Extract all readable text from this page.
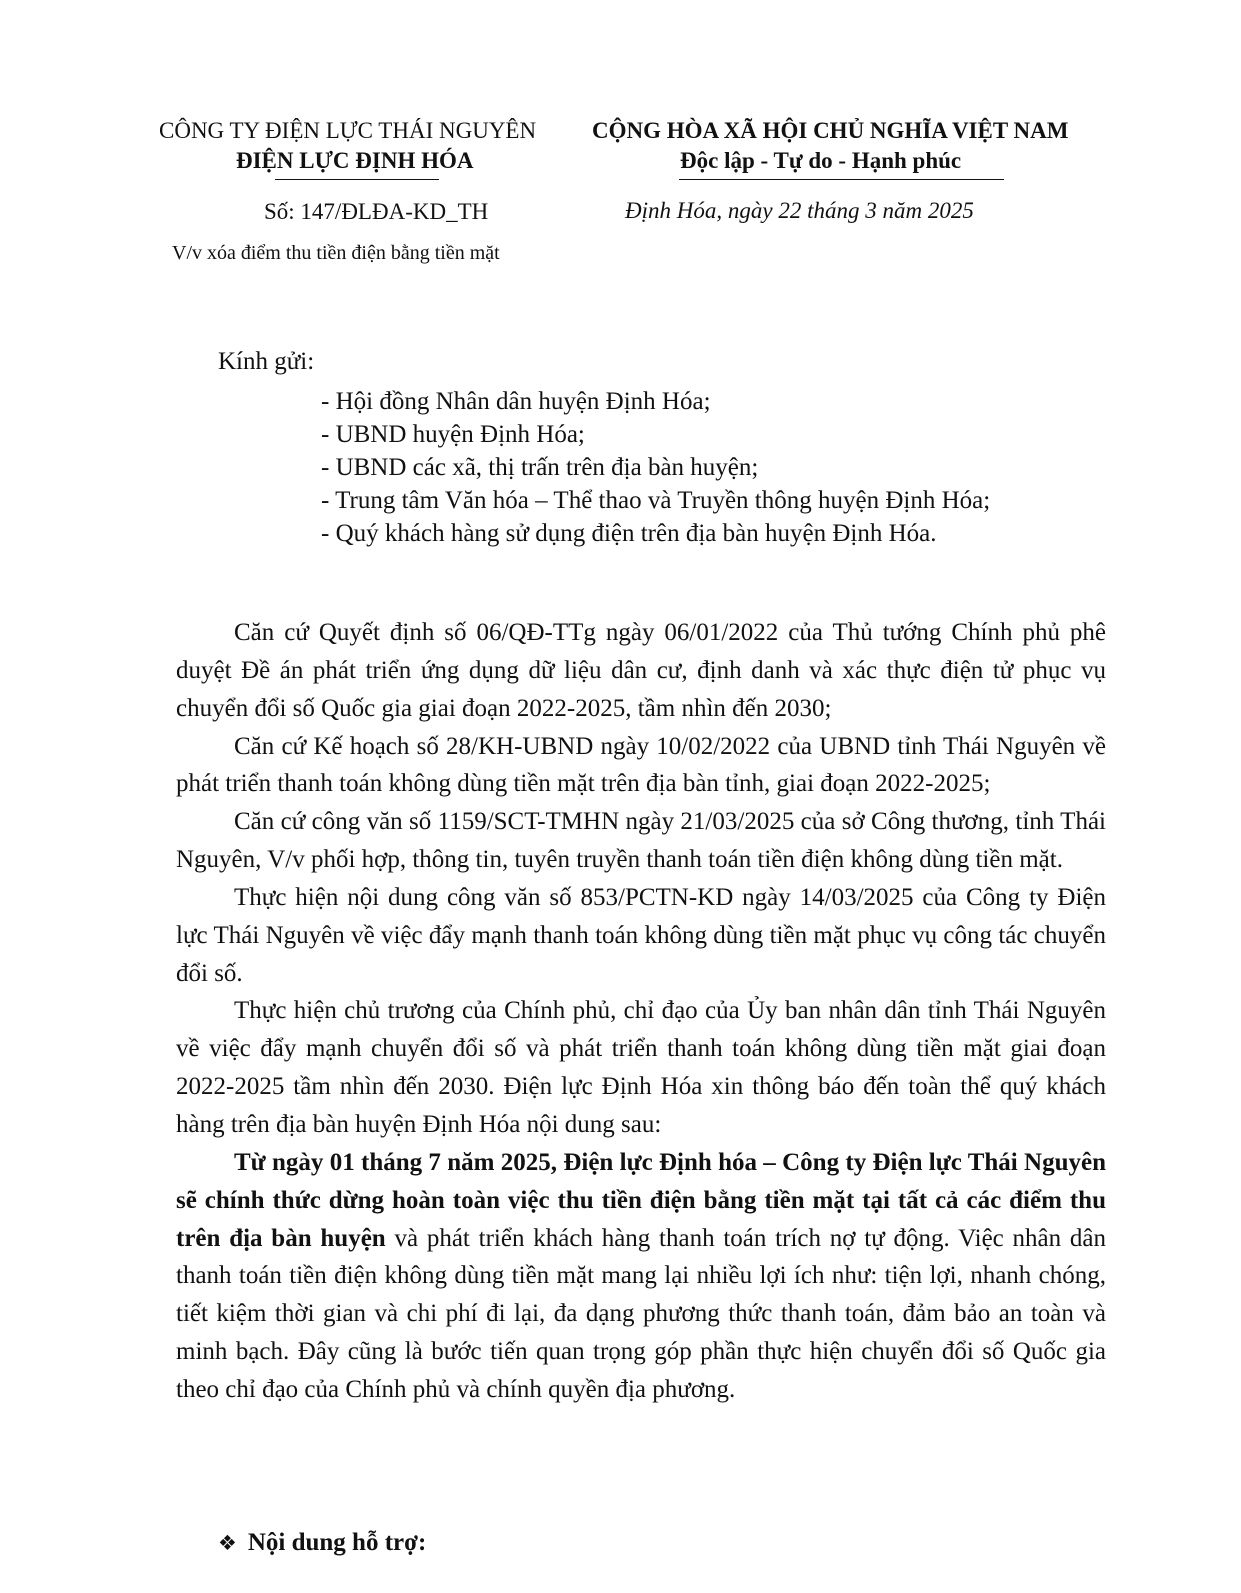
CÔNG TY ĐIỆN LỰC THÁI NGUYÊN
ĐIỆN LỰC ĐỊNH HÓA
Số: 147/ĐLĐA-KD_TH
V/v xóa điểm thu tiền điện bằng tiền mặt
CỘNG HÒA XÃ HỘI CHỦ NGHĨA VIỆT NAM
Độc lập - Tự do - Hạnh phúc
Định Hóa, ngày 22 tháng 3 năm 2025
Kính gửi:
- Hội đồng Nhân dân huyện Định Hóa;
- UBND huyện Định Hóa;
- UBND các xã, thị trấn trên địa bàn huyện;
- Trung tâm Văn hóa – Thể thao và Truyền thông huyện Định Hóa;
- Quý khách hàng sử dụng điện trên địa bàn huyện Định Hóa.

Căn cứ Quyết định số 06/QĐ-TTg ngày 06/01/2022 của Thủ tướng Chính phủ phê duyệt Đề án phát triển ứng dụng dữ liệu dân cư, định danh và xác thực điện tử phục vụ chuyển đổi số Quốc gia giai đoạn 2022-2025, tầm nhìn đến 2030;

Căn cứ Kế hoạch số 28/KH-UBND ngày 10/02/2022 của UBND tỉnh Thái Nguyên về phát triển thanh toán không dùng tiền mặt trên địa bàn tỉnh, giai đoạn 2022-2025;

Căn cứ công văn số 1159/SCT-TMHN ngày 21/03/2025 của sở Công thương, tỉnh Thái Nguyên, V/v phối hợp, thông tin, tuyên truyền thanh toán tiền điện không dùng tiền mặt.

Thực hiện nội dung công văn số 853/PCTN-KD ngày 14/03/2025 của Công ty Điện lực Thái Nguyên về việc đẩy mạnh thanh toán không dùng tiền mặt phục vụ công tác chuyển đổi số.

Thực hiện chủ trương của Chính phủ, chỉ đạo của Ủy ban nhân dân tỉnh Thái Nguyên về việc đẩy mạnh chuyển đổi số và phát triển thanh toán không dùng tiền mặt giai đoạn 2022-2025 tầm nhìn đến 2030. Điện lực Định Hóa xin thông báo đến toàn thể quý khách hàng trên địa bàn huyện Định Hóa nội dung sau:

Từ ngày 01 tháng 7 năm 2025, Điện lực Định hóa – Công ty Điện lực Thái Nguyên sẽ chính thức dừng hoàn toàn việc thu tiền điện bằng tiền mặt tại tất cả các điểm thu trên địa bàn huyện và phát triển khách hàng thanh toán trích nợ tự động. Việc nhân dân thanh toán tiền điện không dùng tiền mặt mang lại nhiều lợi ích như: tiện lợi, nhanh chóng, tiết kiệm thời gian và chi phí đi lại, đa dạng phương thức thanh toán, đảm bảo an toàn và minh bạch. Đây cũng là bước tiến quan trọng góp phần thực hiện chuyển đổi số Quốc gia theo chỉ đạo của Chính phủ và chính quyền địa phương.

❖ Nội dung hỗ trợ:
